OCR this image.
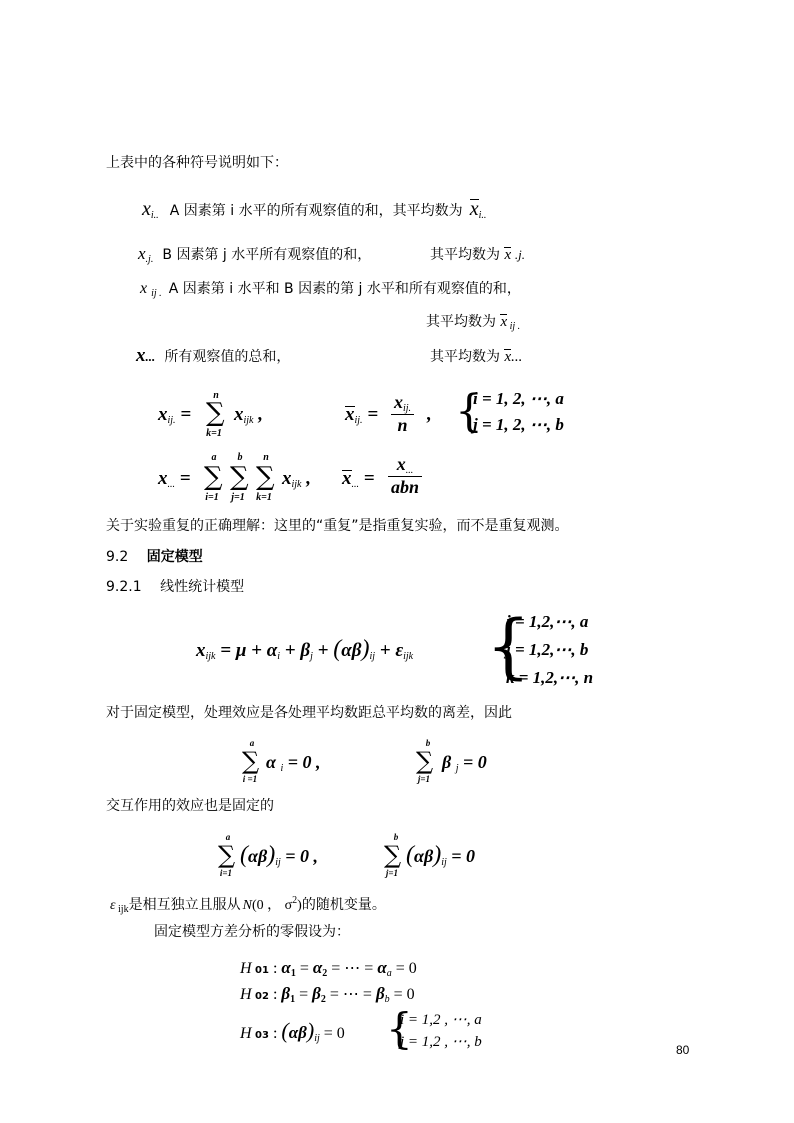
上表中的各种符号说明如下：
$x_{i..}$ A 因素第 i 水平的所有观察值的和，其平均数为 $x_{i..}$
$x_{.j.}$ B 因素第 j 水平所有观察值的和，	其平均数为 x .j.
x $_{ij .}$ A 因素第 i 水平和 B 因素的第 j 水平和所有观察值的和，
其平均数为 x $_{ij .}$
x... 所有观察值的总和，	其平均数为 x...
$x_{ij.}$ =
n
∑
k=1
$x_{ijk}$ ,	$x_{ij.}$ =
$x_{ij.}$
n	, {
i = 1, 2, ⋯, a
j = 1, 2, ⋯, b
$x_{...}$ =
a
∑
i=1
b
∑
j=1
n
∑
k=1
$x_{ijk}$ , $x_{...}$ =
$x_{...}$
abn
关于实验重复的正确理解：这里的“重复”是指重复实验，而不是重复观测。
9.2 固定模型
9.2.1 线性统计模型
$x_{ijk} = \mu + \alpha_i + \beta_j + (\alpha\beta)_{ij} + \varepsilon_{ijk}$ {
i = 1,2,⋯, a
j = 1,2,⋯, b
k = 1,2,⋯, n
对于固定模型，处理效应是各处理平均数距总平均数的离差，因此
a
∑
i =1
α $_i$ = 0 ,
b
∑
j=1
β $_j$ = 0
交互作用的效应也是固定的
a
∑
i=1
$(\alpha\beta)_{ij} = 0$ ,
b
∑
j=1
$(\alpha\beta)_{ij} = 0$
ε $_{ijk}$是相互独立且服从 N(0 ， $\sigma^2$)的随机变量。
固定模型方差分析的零假设为：
H 01 : $\alpha_1 = \alpha_2$ = ⋯ = $\alpha_a = 0$
H 02 : $\beta_1 = \beta_2$ = ⋯ = $\beta_b = 0$
H 03 : $(\alpha\beta)_{ij} = 0$ {
i = 1,2 , ⋯, a
j = 1,2 , ⋯, b	80
